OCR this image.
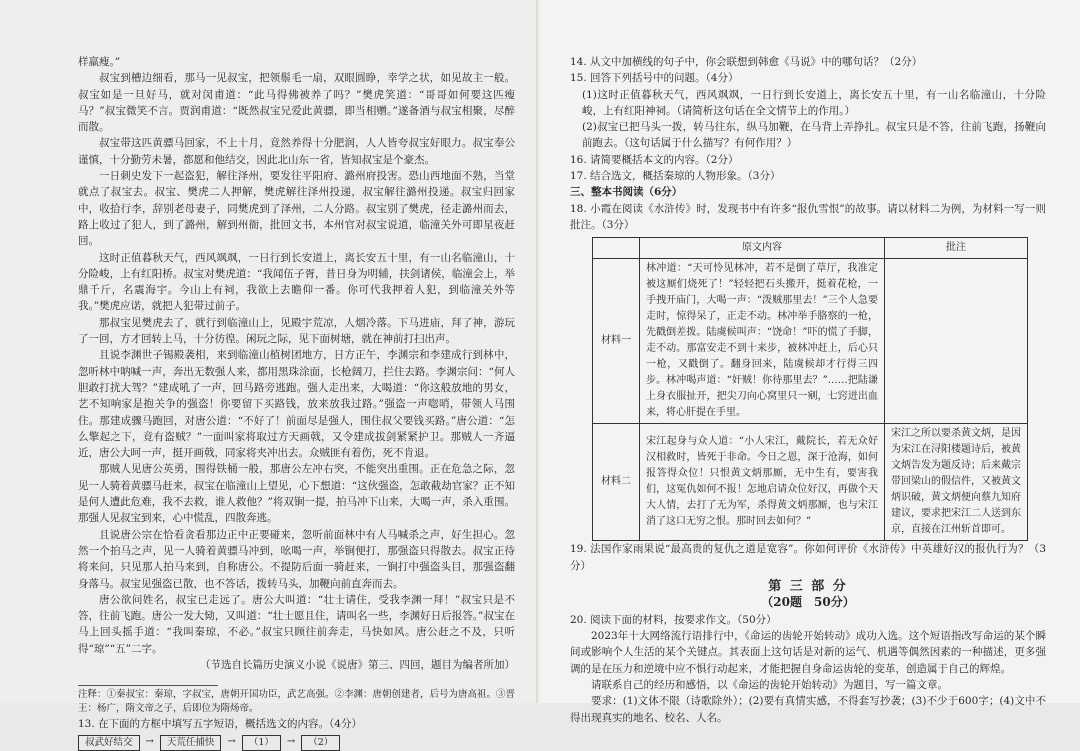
样羸瘦。”

叔宝到槽边细看，那马一见叔宝，把领鬃毛一扇，双眼圆睁，幸学之状，如见故主一般。叔宝如是一旦好马，就对闵甫道：“此马得佛被养了吗？”樊虎笑道：“哥哥如何要这匹瘦马？”叔宝微笑不言。贾润甫道：“既然叔宝兄爱此黄骠，即当相赠。”遂备酒与叔宝相聚，尽醉而散。

叔宝带这匹黄骠马回家，不上十月，竟然养得十分肥润，人人皆夸叔宝好眼力。叔宝奉公谨慎，十分勤劳未暑，都愿和他结交，因此北山东一省，皆知叔宝是个豪杰。

一日刺史发下一起盗犯，解往泽州，要发往平阳府、潞州府投害。恐山西地面不熟，当堂就点了叔宝去。叔宝、樊虎二人押解，樊虎解往泽州投递，叔宝解往潞州投递。叔宝归回家中，收拾行李，辞别老母妻子，同樊虎到了泽州，二人分路。叔宝别了樊虎，径走潞州而去，路上收过了犯人，到了潞州，解到州衙，批回文书，本州官对叔宝说道，临潼关外可即星夜赶回。

这时正值暮秋天气，西风飒飒，一日行到长安道上，离长安五十里，有一山名临潼山，十分险峻，上有红阳桥。叔宝对樊虎道：“我闻伍子胥，昔日身为明辅，扶剑诸侯，临潼会上，举鼎千斤，名震海宇。今山上有祠，我欲上去瞻仰一番。你可代我押着人犯，到临潼关外等我。”樊虎应诺，就把人犯带过前子。

那叔宝见樊虎去了，就行到临潼山上，见殿宇荒凉，人烟冷落。下马进庙，拜了神，游玩了一回，方才回转上马，十分彷徨。闲玩之际，见下面树塘，就在神前打扫出声。

且说李渊世子锡殿袭相，来到临潼山植树团地方，日方正午，李渊宗和李建成行到林中，忽听林中呐喊一声，奔出无数强人来，都用黑珠涂面，长枪阔刀，拦住去路。李渊宗问：“何人胆敢打扰大驾？”建成吼了一声，回马路旁逃跑。强人走出来，大喝道：“你这般放地的男女，艺不知响家是抱关争的强盗！你要留下买路钱，放来放我过路。”强盗一声唿哨，带领人马围住。那建成骤马跑回，对唐公道：“不好了！前面尽是强人，围住叔父要钱买路。”唐公道：“怎么擎起之下，竟有盗贼？”一面叫家将取过方天画戟，又令建成拔剑紧紧护卫。那贼人一齐逼近，唐公大呵一声，挺开画戟，同家将夹冲出去。众贼匪有着伤，死不肯退。

那贼人见唐公英勇，围得铁桶一般，那唐公左冲右突，不能突出重围。正在危急之际，忽见一人骑着黄骠马赶来，叔宝在临潼山上望见，心下想道：“这伙强盗，怎敢截劫官家？正不知是何人遭此危难，我不去救，谁人救他？”将双锏一提，拍马冲下山来，大喝一声，杀入重围。那强人见叔宝到来，心中慌乱，四散奔逃。

且说唐公宗在恰看贪看那边正中正要碰来，忽听前面林中有人马喊杀之声，好生担心。忽然一个拍马之声，见一人骑着黄骠马冲到，吆喝一声，举锏便打，那强盗只得散去。叔宝正待将来问，只见那人拍马来到，自称唐公。不提防后面一骑赶来，一锏打中强盗头目，那强盗翻身落马。叔宝见强盗已散，也不答话，拨转马头，加鞭向前直奔而去。

唐公欲问姓名，叔宝已走远了。唐公大叫道：“壮士请住，受我李渊一拜！”叔宝只是不答，往前飞跑。唐公一发大恸，又叫道：“壮士愿且住，请叫名一些，李渊好日后报答。”叔宝在马上回头摇手道：“我叫秦琼，不必。”叔宝只顾往前奔走，马快如风。唐公赶之不及，只听得“琼”“五”二字。

（节选自长篇历史演义小说《说唐》第三、四回，题目为编者所加）

注释：①秦叔宝：秦琼，字叔宝，唐朝开国功臣，武艺高强。②李渊：唐朝创建者，后号为唐高祖。③晋王：杨广，隋文帝之子，后即位为隋炀帝。

13. 在下面的方框中填写五字短语，概括选文的内容。（4分）

叔武好结交	→	天荒任捕快	→	（1）	→	（2）

14. 从文中加横线的句子中，你会联想到韩愈《马说》中的哪句话？（2分）

15. 回答下列括号中的问题。（4分）

(1)这时正值暮秋天气，西风飒飒，一日行到长安道上，离长安五十里，有一山名临潼山，十分险峻，上有红阳神祠。（请简析这句话在全文情节上的作用。）

(2)叔宝已把马头一拨，转马往东，纵马加鞭，在马背上弄挣扎。叔宝只是不答，往前飞跑，扬鞭向前跑去。（这句话属于什么描写？有何作用？）

16. 请简要概括本文的内容。（2分）

17. 结合选文，概括秦琼的人物形象。（3分）

三、整本书阅读（6分）

18. 小霞在阅读《水浒传》时，发现书中有许多“报仇雪恨”的故事。请以材料二为例，为材料一写一则批注。（3分）

	原文内容	批注
材料一	林冲道：“天可怜见林冲，若不是倒了草厅，我准定被这厮们烧死了！”轻轻把石头搬开，挺着花枪，一手拽开庙门，大喝一声：“泼贼那里去！”三个人急要走时，惊得呆了，正走不动。林冲举手胳察的一枪，先戳倒差拨。陆虞候叫声：“饶命！”吓的慌了手脚，走不动。那富安走不到十来步，被林冲赶上，后心只一枪，又戳倒了。翻身回来，陆虞候却才行得三四步。林冲喝声道：“奸贼！你待那里去？”……把陆谦上身衣服扯开，把尖刀向心窝里只一剜，七窍迸出血来，将心肝提在手里。	
材料二	宋江起身与众人道：“小人宋江，戴院长，若无众好汉相救时，皆死于非命。今日之恩，深于沧海，如何报答得众位！只恨黄文炳那厮，无中生有，要害我们，这冤仇如何不报！怎地启请众位好汉，再做个天大人情，去打了无为军，杀得黄文炳那厮，也与宋江消了这口无穷之恨。那时回去如何？”	宋江之所以要杀黄文炳，是因为宋江在浔阳楼题诗后，被黄文炳告发为题反诗；后来戴宗带回梁山的假信件，又被黄文炳识破，黄文炳便向蔡九知府建议，要求把宋江二人送到东京，直接在江州斩首即可。

19. 法国作家雨果说“最高贵的复仇之道是宽容”。你如何评价《水浒传》中英雄好汉的报仇行为？（3分）

第 三 部 分
（20题　50分）

20. 阅读下面的材料，按要求作文。（50分）

2023年十大网络流行语排行中，《命运的齿轮开始转动》成功入选。这个短语指改写命运的某个瞬间或影响个人生活的某个关键点。其表面上这句话是对新的运气、机遇等偶然因素的一种描述，更多强调的是在压力和逆境中应不惧行动起来，才能把握自身命运齿轮的变革，创造属于自己的辉煌。

请联系自己的经历和感悟，以《命运的齿轮开始转动》为题目，写一篇文章。

要求：(1)文体不限（诗歌除外）；(2)要有真情实感，不得套写抄袭；(3)不少于600字；(4)文中不得出现真实的地名、校名、人名。
